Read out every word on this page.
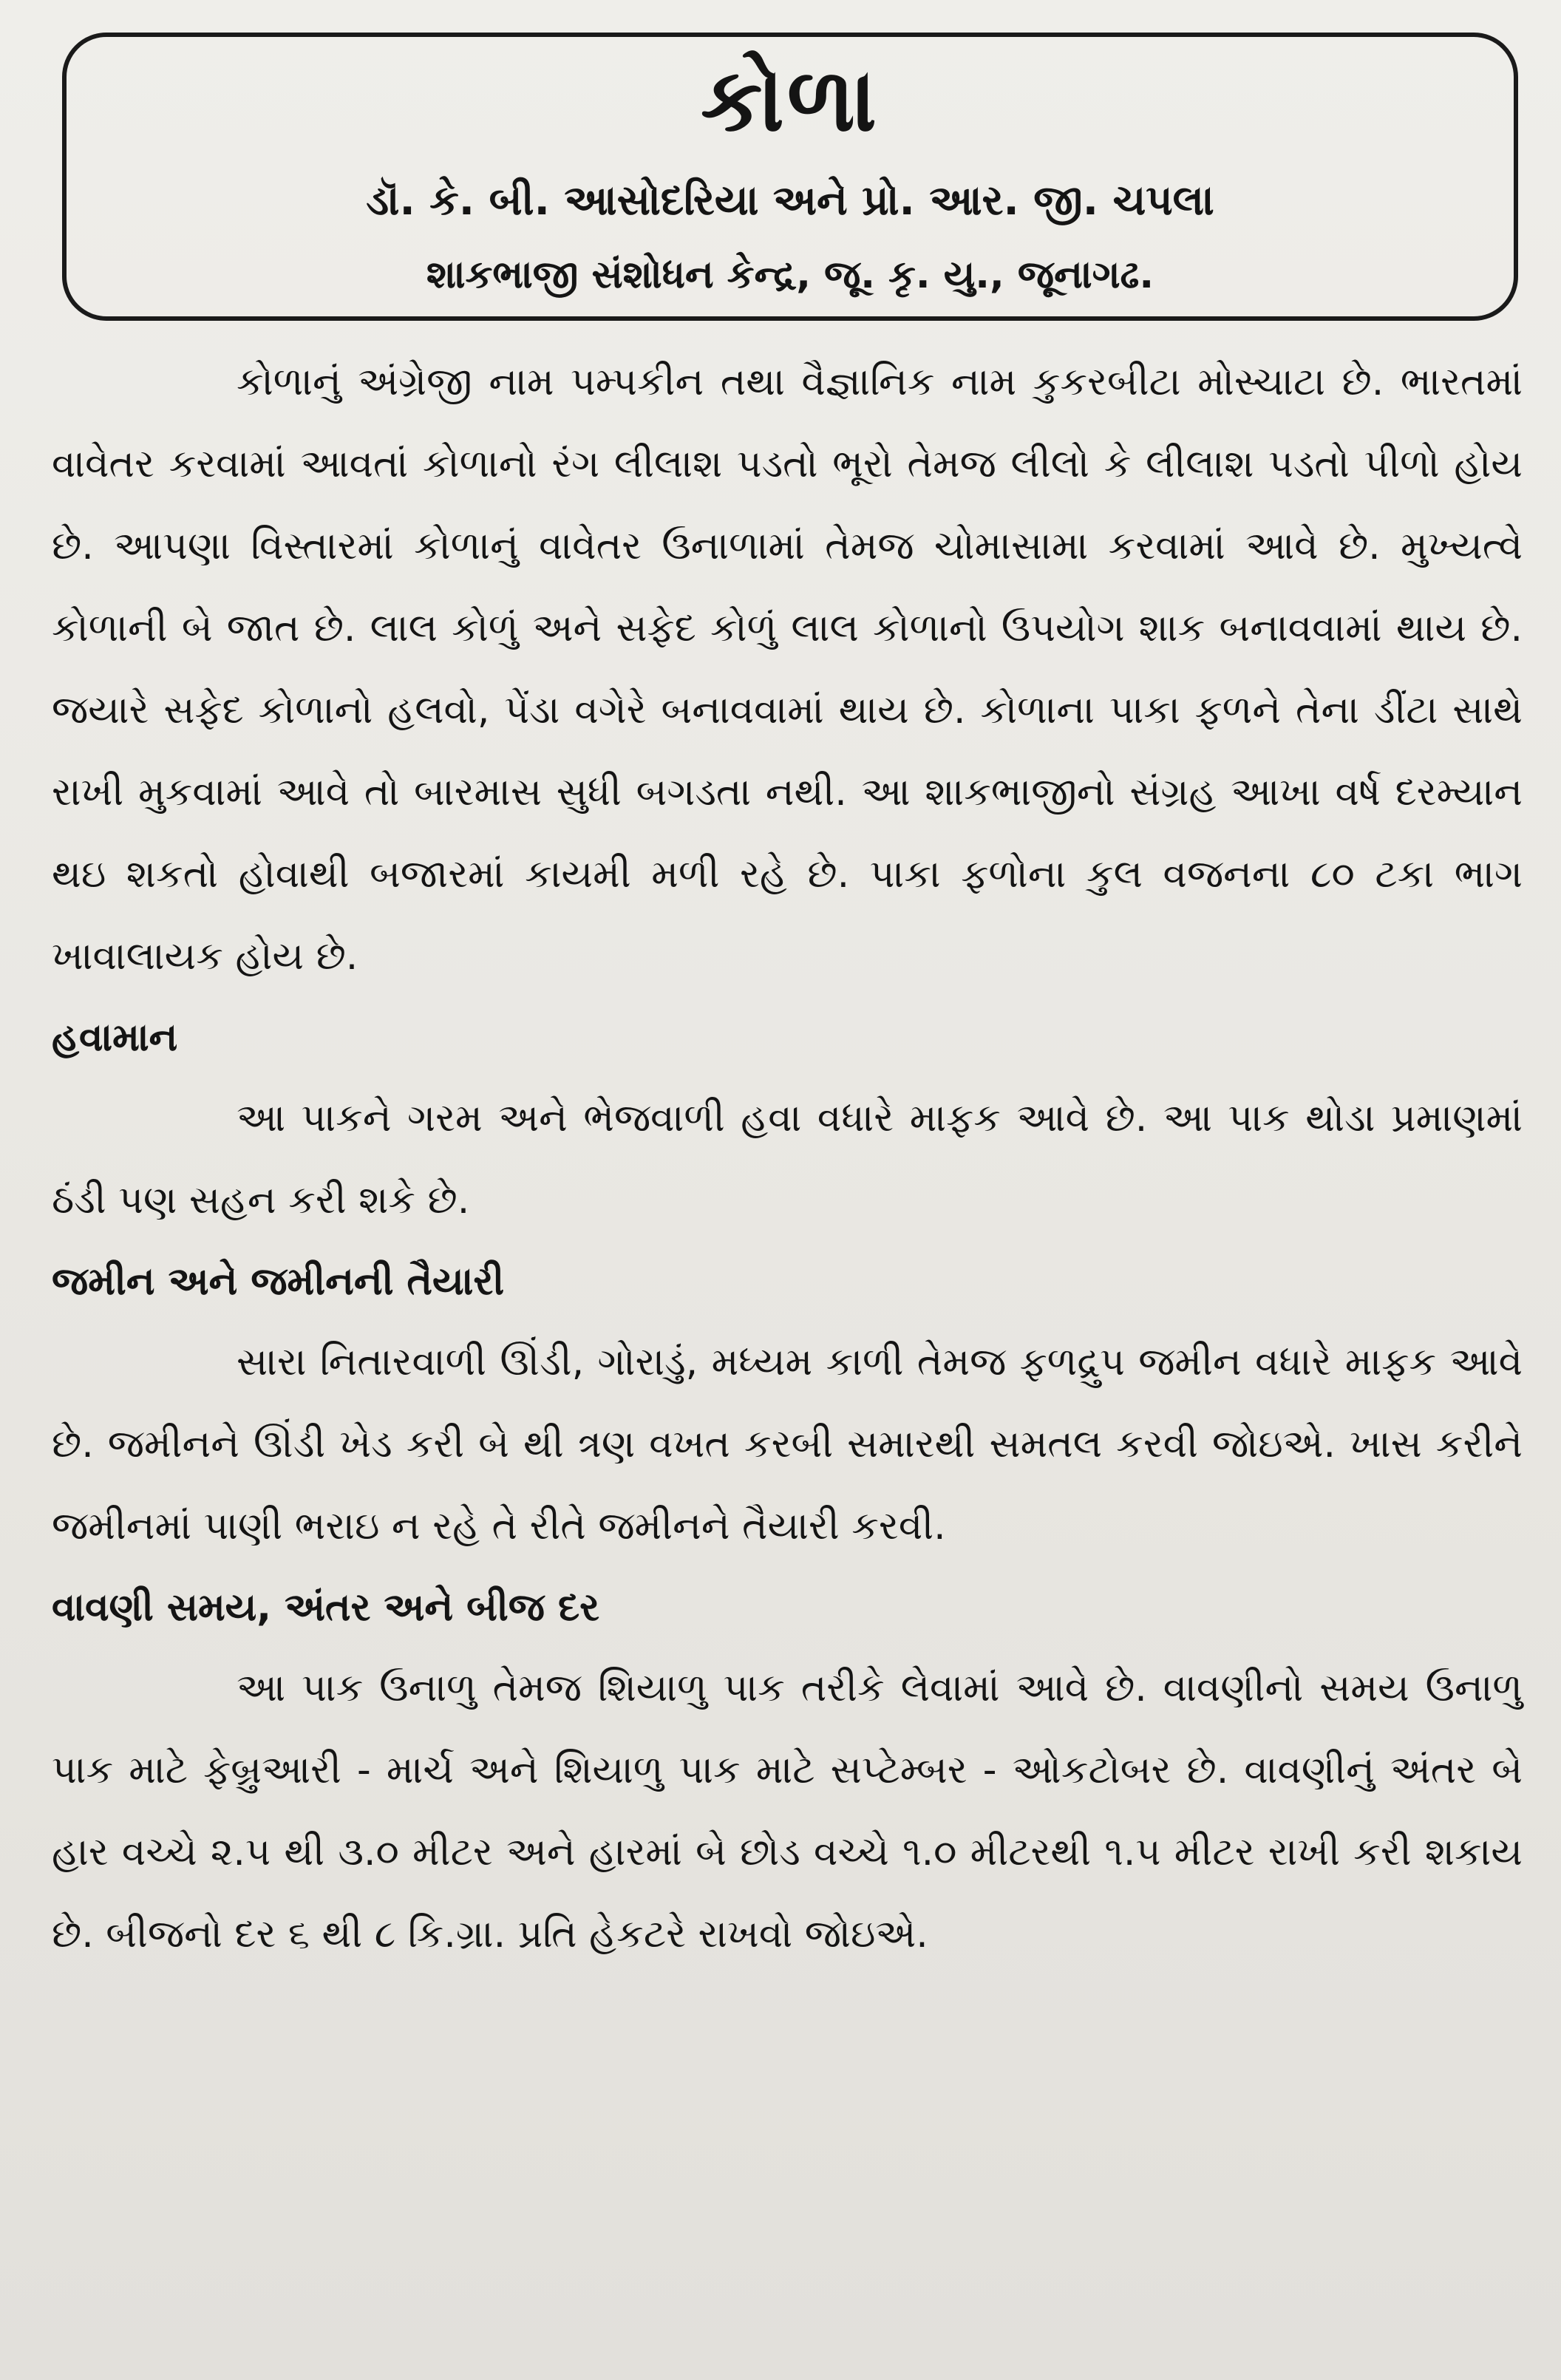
કોળા
ડૉ. કે. બી. આસોદરિયા અને પ્રો. આર. જી. ચપલા
શાકભાજી સંશોધન કેન્દ્ર, જૂ. કૃ. યુ., જૂનાગઢ.

કોળાનું અંગ્રેજી નામ પમ્પકીન તથા વૈજ્ઞાનિક નામ કુકરબીટા મોસ્ચાટા છે. ભારતમાં વાવેતર કરવામાં આવતાં કોળાનો રંગ લીલાશ પડતો ભૂરો તેમજ લીલો કે લીલાશ પડતો પીળો હોય છે. આપણા વિસ્તારમાં કોળાનું વાવેતર ઉનાળામાં તેમજ ચોમાસામા કરવામાં આવે છે. મુખ્યત્વે કોળાની બે જાત છે. લાલ કોળું અને સફેદ કોળું લાલ કોળાનો ઉપયોગ શાક બનાવવામાં થાય છે. જયારે સફેદ કોળાનો હલવો, પેંડા વગેરે બનાવવામાં થાય છે. કોળાના પાકા ફળને તેના ડીંટા સાથે રાખી મુકવામાં આવે તો બારમાસ સુધી બગડતા નથી. આ શાકભાજીનો સંગ્રહ આખા વર્ષ દરમ્યાન થઇ શકતો હોવાથી બજારમાં કાયમી મળી રહે છે. પાકા ફળોના કુલ વજનના ૮૦ ટકા ભાગ ખાવાલાયક હોય છે.

હવામાન

આ પાકને ગરમ અને ભેજવાળી હવા વધારે માફક આવે છે. આ પાક થોડા પ્રમાણમાં ઠંડી પણ સહન કરી શકે છે.

જમીન અને જમીનની તૈયારી

સારા નિતારવાળી ઊંડી, ગોરાડું, મધ્યમ કાળી તેમજ ફળદ્રુપ જમીન વધારે માફક આવે છે. જમીનને ઊંડી ખેડ કરી બે થી ત્રણ વખત કરબી સમારથી સમતલ કરવી જોઇએ. ખાસ કરીને જમીનમાં પાણી ભરાઇ ન રહે તે રીતે જમીનને તૈયારી કરવી.

વાવણી સમય, અંતર અને બીજ દર

આ પાક ઉનાળુ તેમજ શિયાળુ પાક તરીકે લેવામાં આવે છે. વાવણીનો સમય ઉનાળુ પાક માટે ફેબ્રુઆરી - માર્ચ અને શિયાળુ પાક માટે સપ્ટેમ્બર - ઓકટોબર છે. વાવણીનું અંતર બે હાર વચ્ચે ૨.૫ થી ૩.૦ મીટર અને હારમાં બે છોડ વચ્ચે ૧.૦ મીટરથી ૧.૫ મીટર રાખી કરી શકાય છે. બીજનો દર ૬ થી ૮ કિ.ગ્રા. પ્રતિ હેકટરે રાખવો જોઇએ.
